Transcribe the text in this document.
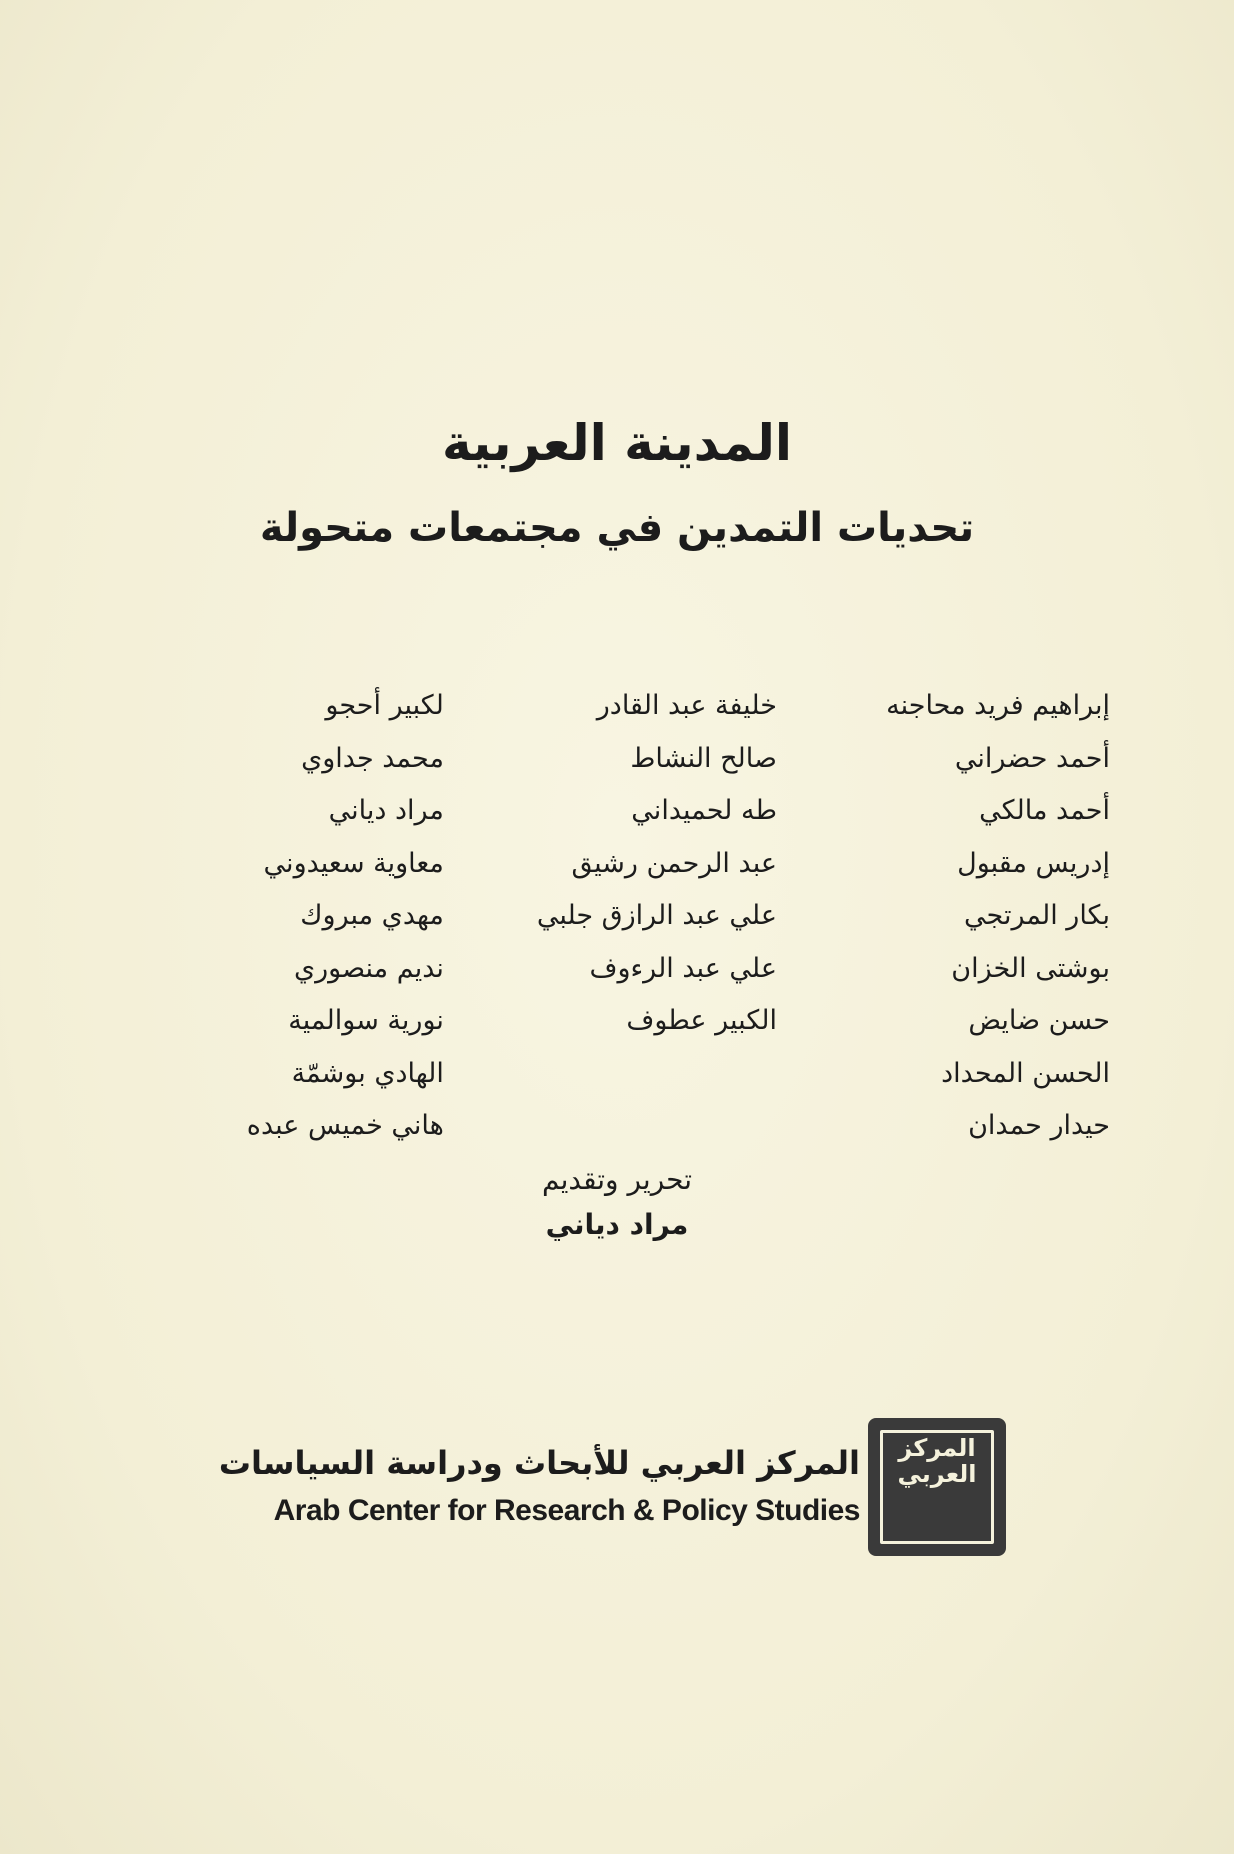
المدينة العربية
تحديات التمدين في مجتمعات متحولة
إبراهيم فريد محاجنه
خليفة عبد القادر
لكبير أحجو
أحمد حضراني
صالح النشاط
محمد جداوي
أحمد مالكي
طه لحميداني
مراد دياني
إدريس مقبول
عبد الرحمن رشيق
معاوية سعيدوني
بكار المرتجي
علي عبد الرازق جلبي
مهدي مبروك
بوشتى الخزان
علي عبد الرءوف
نديم منصوري
حسن ضايض
الكبير عطوف
نورية سوالمية
الحسن المحداد
الهادي بوشمّة
حيدار حمدان
هاني خميس عبده
تحرير وتقديم
مراد دياني
المركز العربي للأبحاث ودراسة السياسات
Arab Center for Research & Policy Studies
المركز
العربي
